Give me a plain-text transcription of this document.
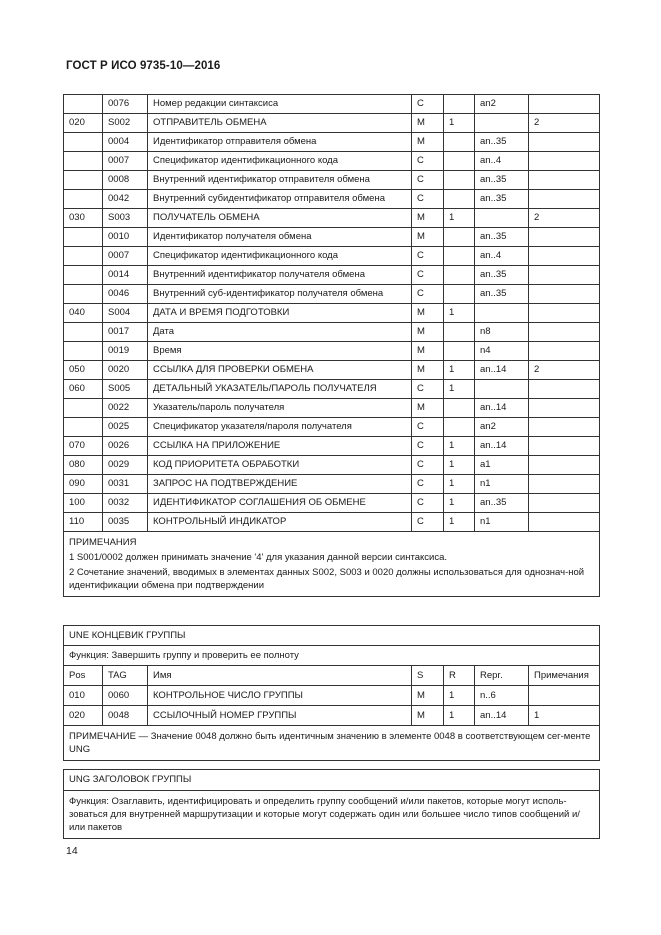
ГОСТ Р ИСО 9735-10—2016
	0076	Номер редакции синтаксиса	C		an2	
020	S002	ОТПРАВИТЕЛЬ ОБМЕНА	M	1		2
	0004	Идентификатор отправителя обмена	M		an..35	
	0007	Спецификатор идентификационного кода	C		an..4	
	0008	Внутренний идентификатор отправителя обмена	C		an..35	
	0042	Внутренний субидентификатор отправителя обмена	C		an..35	
030	S003	ПОЛУЧАТЕЛЬ ОБМЕНА	M	1		2
	0010	Идентификатор получателя обмена	M		an..35	
	0007	Спецификатор идентификационного кода	C		an..4	
	0014	Внутренний идентификатор получателя обмена	C		an..35	
	0046	Внутренний суб-идентификатор получателя обмена	C		an..35	
040	S004	ДАТА И ВРЕМЯ ПОДГОТОВКИ	M	1		
	0017	Дата	M		n8	
	0019	Время	M		n4	
050	0020	ССЫЛКА ДЛЯ ПРОВЕРКИ ОБМЕНА	M	1	an..14	2
060	S005	ДЕТАЛЬНЫЙ УКАЗАТЕЛЬ/ПАРОЛЬ ПОЛУЧАТЕЛЯ	C	1		
	0022	Указатель/пароль получателя	M		an..14	
	0025	Спецификатор указателя/пароля получателя	C		an2	
070	0026	ССЫЛКА НА ПРИЛОЖЕНИЕ	C	1	an..14	
080	0029	КОД ПРИОРИТЕТА ОБРАБОТКИ	C	1	a1	
090	0031	ЗАПРОС НА ПОДТВЕРЖДЕНИЕ	C	1	n1	
100	0032	ИДЕНТИФИКАТОР СОГЛАШЕНИЯ ОБ ОБМЕНЕ	C	1	an..35	
110	0035	КОНТРОЛЬНЫЙ ИНДИКАТОР	C	1	n1	

ПРИМЕЧАНИЯ

1 S001/0002 должен принимать значение '4' для указания данной версии синтаксиса.

2 Сочетание значений, вводимых в элементах данных S002, S003 и 0020 должны использоваться для однознач-ной идентификации обмена при подтверждении						

UNE КОНЦЕВИК ГРУППЫ						
Функция: Завершить группу и проверить ее полноту						
Pos	TAG	Имя	S	R	Repr.	Примечания
010	0060	КОНТРОЛЬНОЕ ЧИСЛО ГРУППЫ	M	1	n..6	
020	0048	ССЫЛОЧНЫЙ НОМЕР ГРУППЫ	M	1	an..14	1
ПРИМЕЧАНИЕ — Значение 0048 должно быть идентичным значению в элементе 0048 в соответствующем сег-менте UNG						
UNG ЗАГОЛОВОК ГРУППЫ
Функция: Озаглавить, идентифицировать и определить группу сообщений и/или пакетов, которые могут исполь-зоваться для внутренней маршрутизации и которые могут содержать один или большее число типов сообщений и/или пакетов
14
